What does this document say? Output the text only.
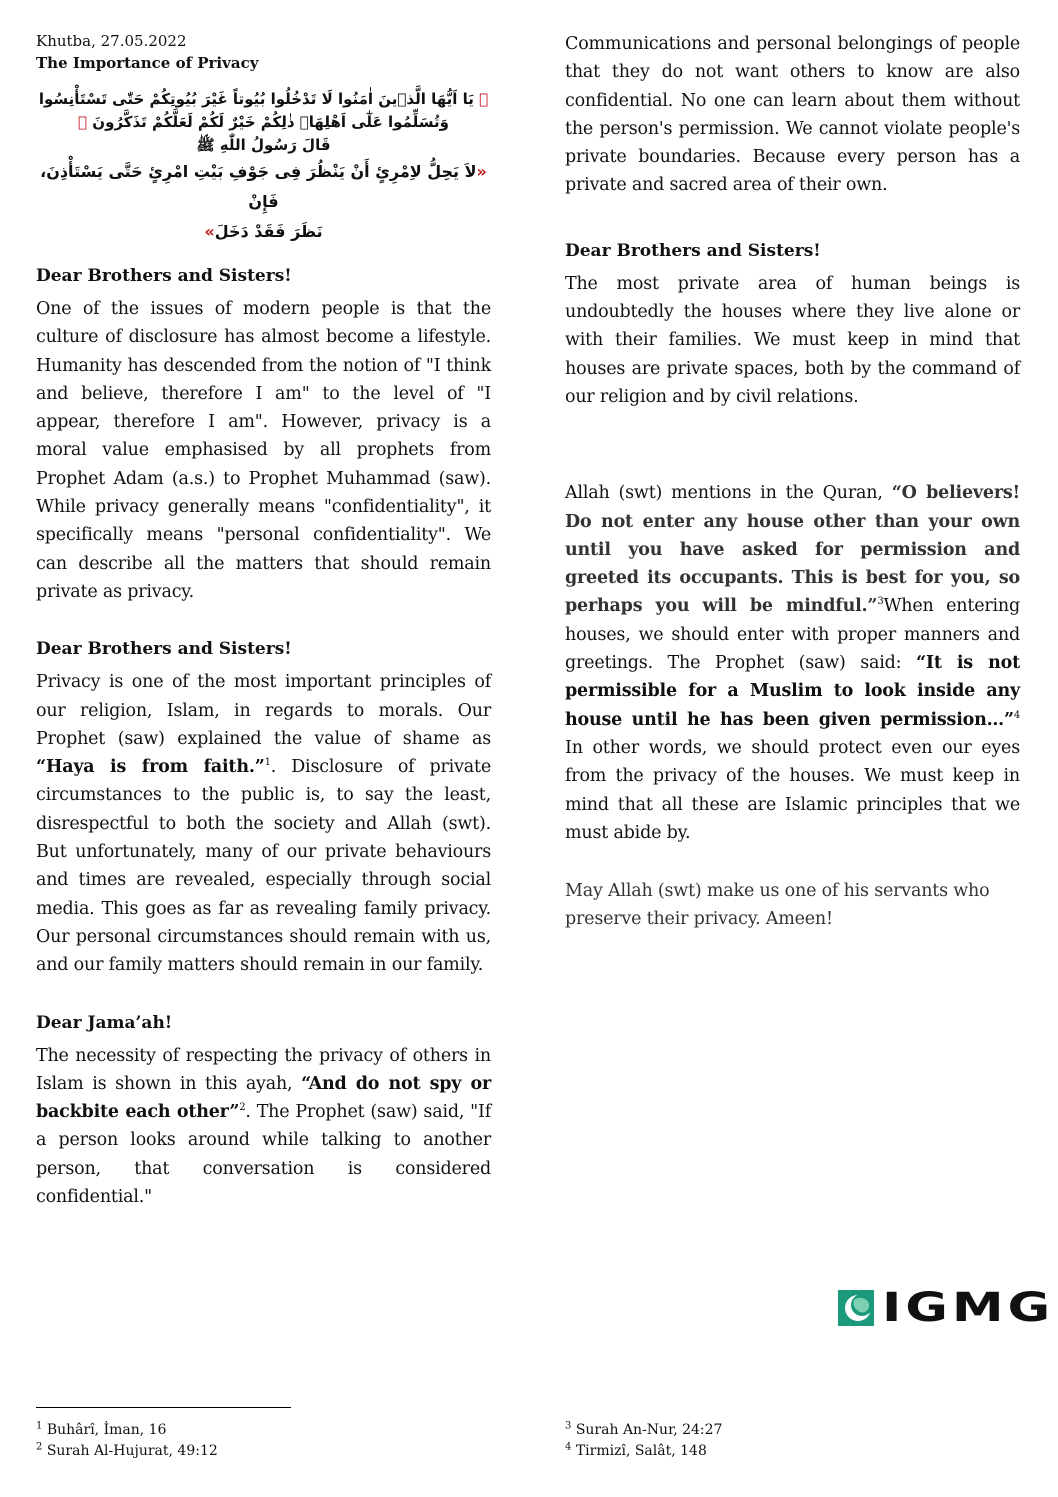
Khutba, 27.05.2022

The Importance of Privacy

﴿ يَا اَيُّهَا الَّذ۪ينَ اٰمَنُوا لَا تَدْخُلُوا بُيُوتاً غَيْرَ بُيُوتِكُمْ حَتّٰى تَسْتَأْنِسُوا
وَتُسَلِّمُوا عَلٰٓى اَهْلِهَاۜ ذٰلِكُمْ خَيْرٌ لَكُمْ لَعَلَّكُمْ تَذَكَّرُونَ ﴾
قَالَ رَسُولُ اللّٰهِ ﷺ
«لاَ يَحِلُّ لاِمْرِئٍ أَنْ يَنْظُرَ فِى جَوْفِ بَيْتِ امْرِئٍ حَتَّى يَسْتَأْذِنَ، فَإِنْ
نَظَرَ فَقَدْ دَخَلَ»

Dear Brothers and Sisters!

One of the issues of modern people is that the culture of disclosure has almost become a lifestyle. Humanity has descended from the notion of "I think and believe, therefore I am" to the level of "I appear, therefore I am". However, privacy is a moral value emphasised by all prophets from Prophet Adam (a.s.) to Prophet Muhammad (saw). While privacy generally means "confidentiality", it specifically means "personal confidentiality". We can describe all the matters that should remain private as privacy.

Dear Brothers and Sisters!

Privacy is one of the most important principles of our religion, Islam, in regards to morals. Our Prophet (saw) explained the value of shame as “Haya is from faith.”$^1$. Disclosure of private circumstances to the public is, to say the least, disrespectful to both the society and Allah (swt). But unfortunately, many of our private behaviours and times are revealed, especially through social media. This goes as far as revealing family privacy. Our personal circumstances should remain with us, and our family matters should remain in our family.

Dear Jama’ah!

The necessity of respecting the privacy of others in Islam is shown in this ayah, “And do not spy or backbite each other”$^2$. The Prophet (saw) said, "If a person looks around while talking to another person, that conversation is considered confidential."

Communications and personal belongings of people that they do not want others to know are also confidential. No one can learn about them without the person's permission. We cannot violate people's private boundaries. Because every person has a private and sacred area of their own.

Dear Brothers and Sisters!

The most private area of human beings is undoubtedly the houses where they live alone or with their families. We must keep in mind that houses are private spaces, both by the command of our religion and by civil relations.

Allah (swt) mentions in the Quran, “O believers! Do not enter any house other than your own until you have asked for permission and greeted its occupants. This is best for you, so perhaps you will be mindful.”$^3$When entering houses, we should enter with proper manners and greetings. The Prophet (saw) said: “It is not permissible for a Muslim to look inside any house until he has been given permission…”$^4$ In other words, we should protect even our eyes from the privacy of the houses. We must keep in mind that all these are Islamic principles that we must abide by.

May Allah (swt) make us one of his servants who preserve their privacy. Ameen!

IGMG
$^1$ Buhârî, İman, 16
$^2$ Surah Al-Hujurat, 49:12
$^3$ Surah An-Nur, 24:27
$^4$ Tirmizî, Salât, 148
